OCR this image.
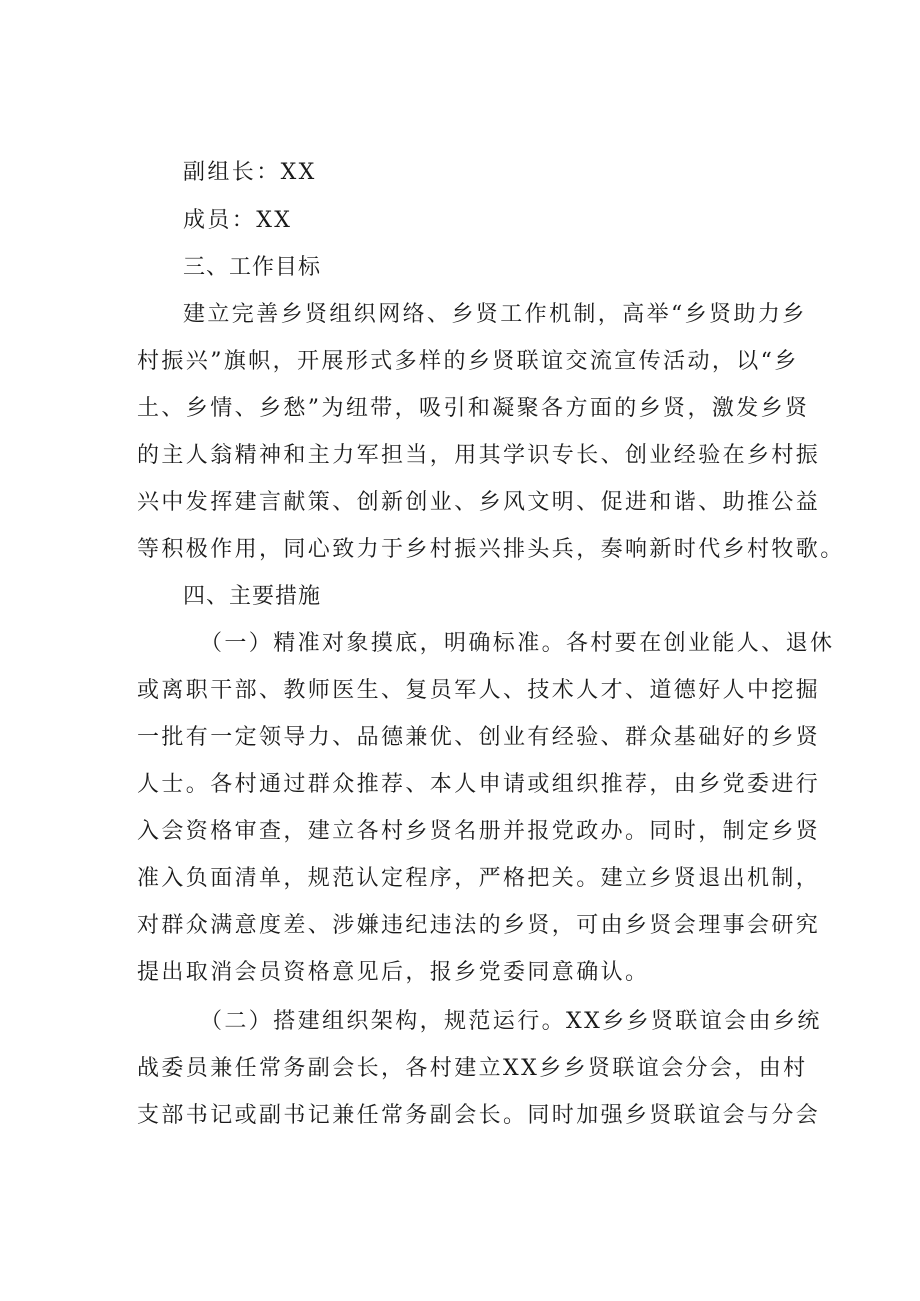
副组长：XX
成员：XX
三、工作目标
建立完善乡贤组织网络、乡贤工作机制，高举“乡贤助力乡
村振兴”旗帜，开展形式多样的乡贤联谊交流宣传活动，以“乡
土、乡情、乡愁”为纽带，吸引和凝聚各方面的乡贤，激发乡贤
的主人翁精神和主力军担当，用其学识专长、创业经验在乡村振
兴中发挥建言献策、创新创业、乡风文明、促进和谐、助推公益
等积极作用，同心致力于乡村振兴排头兵，奏响新时代乡村牧歌。
四、主要措施
（一）精准对象摸底，明确标准。各村要在创业能人、退休
或离职干部、教师医生、复员军人、技术人才、道德好人中挖掘
一批有一定领导力、品德兼优、创业有经验、群众基础好的乡贤
人士。各村通过群众推荐、本人申请或组织推荐，由乡党委进行
入会资格审查，建立各村乡贤名册并报党政办。同时，制定乡贤
准入负面清单，规范认定程序，严格把关。建立乡贤退出机制，
对群众满意度差、涉嫌违纪违法的乡贤，可由乡贤会理事会研究
提出取消会员资格意见后，报乡党委同意确认。
（二）搭建组织架构，规范运行。XX乡乡贤联谊会由乡统
战委员兼任常务副会长，各村建立XX乡乡贤联谊会分会，由村
支部书记或副书记兼任常务副会长。同时加强乡贤联谊会与分会
